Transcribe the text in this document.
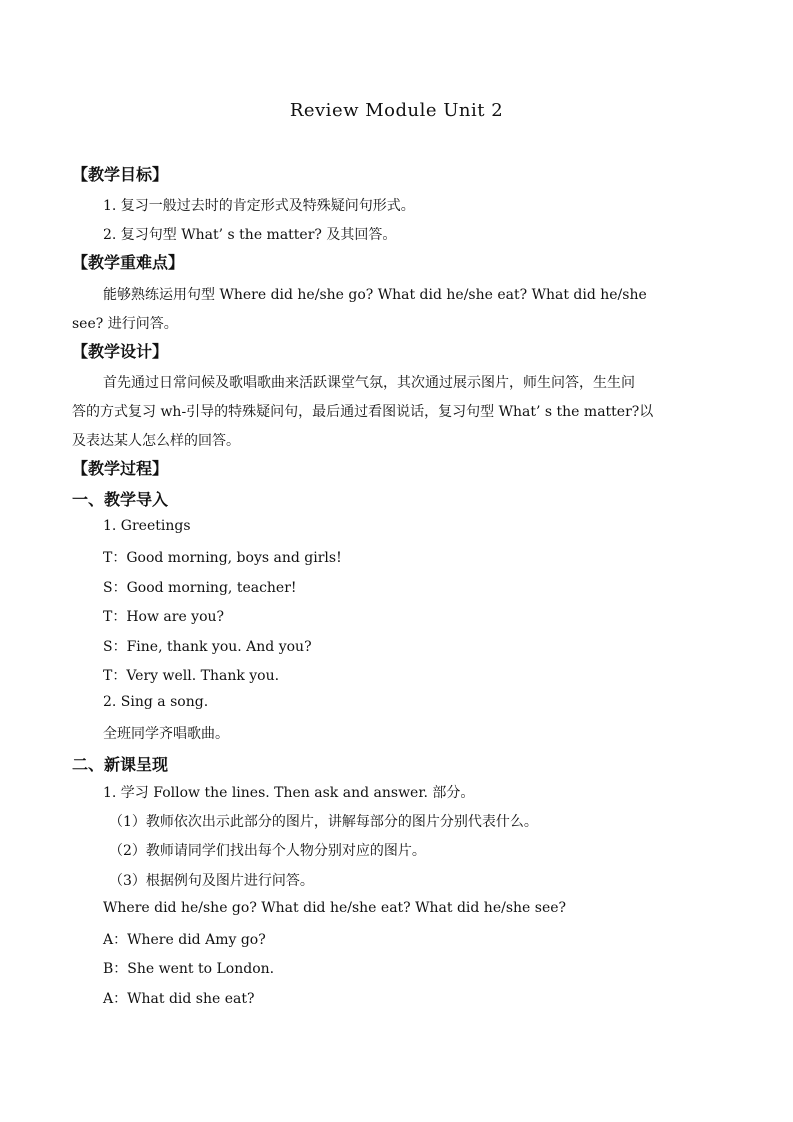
Review Module Unit 2
【教学目标】
1. 复习一般过去时的肯定形式及特殊疑问句形式。
2. 复习句型 What’ s the matter? 及其回答。
【教学重难点】
能够熟练运用句型 Where did he/she go? What did he/she eat? What did he/she
see? 进行问答。
【教学设计】
首先通过日常问候及歌唱歌曲来活跃课堂气氛，其次通过展示图片，师生问答，生生问
答的方式复习 wh-引导的特殊疑问句，最后通过看图说话，复习句型 What’ s the matter?以
及表达某人怎么样的回答。
【教学过程】
一、教学导入
1. Greetings
T：Good morning, boys and girls!
S：Good morning, teacher!
T：How are you?
S：Fine, thank you. And you?
T：Very well. Thank you.
2. Sing a song.
全班同学齐唱歌曲。
二、新课呈现
1. 学习 Follow the lines. Then ask and answer. 部分。
（1）教师依次出示此部分的图片，讲解每部分的图片分别代表什么。
（2）教师请同学们找出每个人物分别对应的图片。
（3）根据例句及图片进行问答。
Where did he/she go? What did he/she eat? What did he/she see?
A：Where did Amy go?
B：She went to London.
A：What did she eat?
